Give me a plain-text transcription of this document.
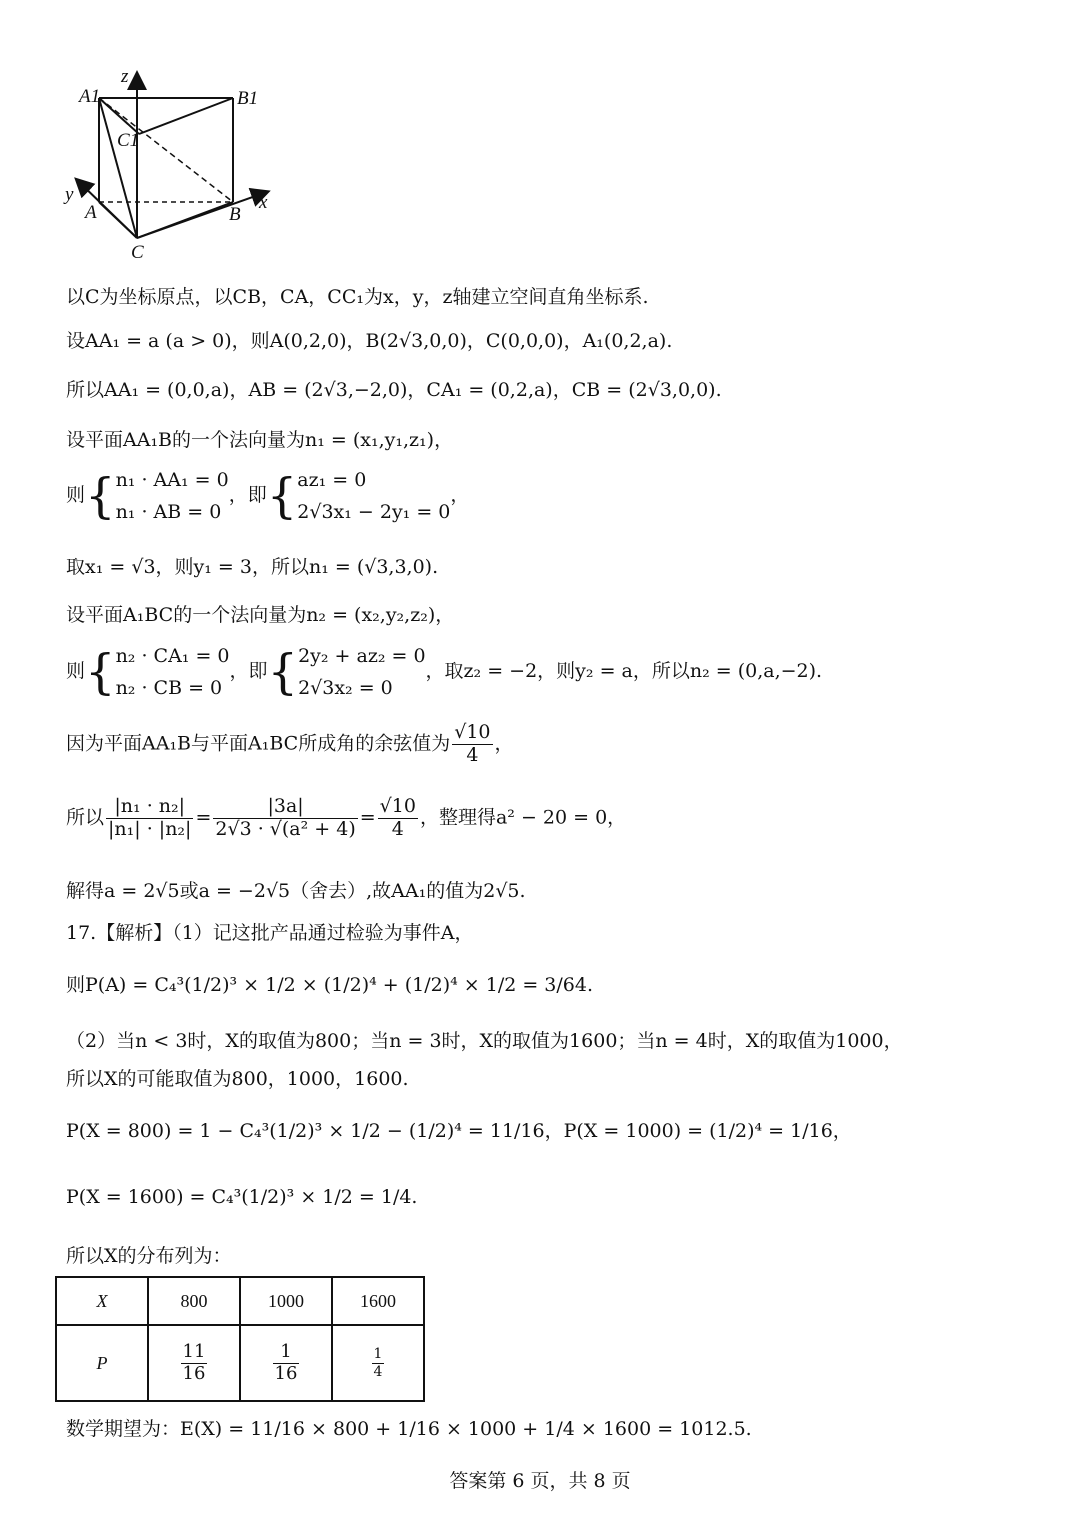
z
A1	B1
C1
y
A	B
x
C
以C为坐标原点，以CB，CA，CC₁为x，y，z轴建立空间直角坐标系.
设AA₁ = a (a > 0)，则A(0,2,0)，B(2√3,0,0)，C(0,0,0)，A₁(0,2,a).
所以AA₁ = (0,0,a)，AB = (2√3,−2,0)，CA₁ = (0,2,a)，CB = (2√3,0,0).
设平面AA₁B的一个法向量为n₁ = (x₁,y₁,z₁)，
则{ n₁ · AA₁ = 0
n₁ · AB = 0
，即{ az₁ = 0
2√3x₁ − 2y₁ = 0
，
取x₁ = √3，则y₁ = 3，所以n₁ = (√3,3,0).
设平面A₁BC的一个法向量为n₂ = (x₂,y₂,z₂)，
则{ n₂ · CA₁ = 0
n₂ · CB = 0
，即{ 2y₂ + az₂ = 0
2√3x₂ = 0
，取z₂ = −2，则y₂ = a，所以n₂ = (0,a,−2).
因为平面AA₁B与平面A₁BC所成角的余弦值为 $\frac{√10}{4}$ ，
所以 $\frac{\text{|n₁ · n₂|}}{\text{|n₁| · |n₂|}} = \frac{|3a|}{\text{2√3 · √(a² + 4)}} = \frac{√10}{4}$ ，整理得a² − 20 = 0，
解得a = 2√5或a = −2√5（舍去）,故AA₁的值为2√5.
17.【解析】（1）记这批产品通过检验为事件A，
则P(A) = C₄³(1/2)³ × 1/2 × (1/2)⁴ + (1/2)⁴ × 1/2 = 3/64.
（2）当n < 3时，X的取值为800；当n = 3时，X的取值为1600；当n = 4时，X的取值为1000，
所以X的可能取值为800，1000，1600.
P(X = 800) = 1 − C₄³(1/2)³ × 1/2 − (1/2)⁴ = 11/16，P(X = 1000) = (1/2)⁴ = 1/16，
P(X = 1600) = C₄³(1/2)³ × 1/2 = 1/4.
所以X的分布列为：
X	800	1000	1600
P	$\frac{11}{16}$	$\frac{1}{16}$	$\frac{1}{4}$
数学期望为：E(X) = 11/16 × 800 + 1/16 × 1000 + 1/4 × 1600 = 1012.5.
答案第 6 页，共 8 页
